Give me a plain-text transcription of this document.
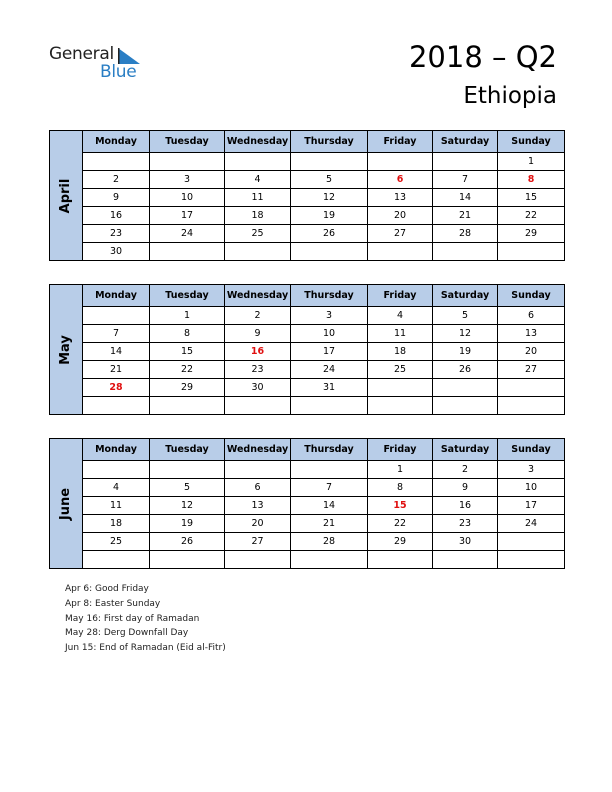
General
Blue	2018 – Q2
Ethiopia
April	Monday	Tuesday	Wednesday	Thursday	Friday	Saturday	Sunday
							1
	2	3	4	5	6	7	8
	9	10	11	12	13	14	15
	16	17	18	19	20	21	22
	23	24	25	26	27	28	29
	30						
May	Monday	Tuesday	Wednesday	Thursday	Friday	Saturday	Sunday
		1	2	3	4	5	6
	7	8	9	10	11	12	13
	14	15	16	17	18	19	20
	21	22	23	24	25	26	27
	28	29	30	31			

June	Monday	Tuesday	Wednesday	Thursday	Friday	Saturday	Sunday
					1	2	3
	4	5	6	7	8	9	10
	11	12	13	14	15	16	17
	18	19	20	21	22	23	24
	25	26	27	28	29	30	

Apr 6: Good Friday
Apr 8: Easter Sunday
May 16: First day of Ramadan
May 28: Derg Downfall Day
Jun 15: End of Ramadan (Eid al-Fitr)
